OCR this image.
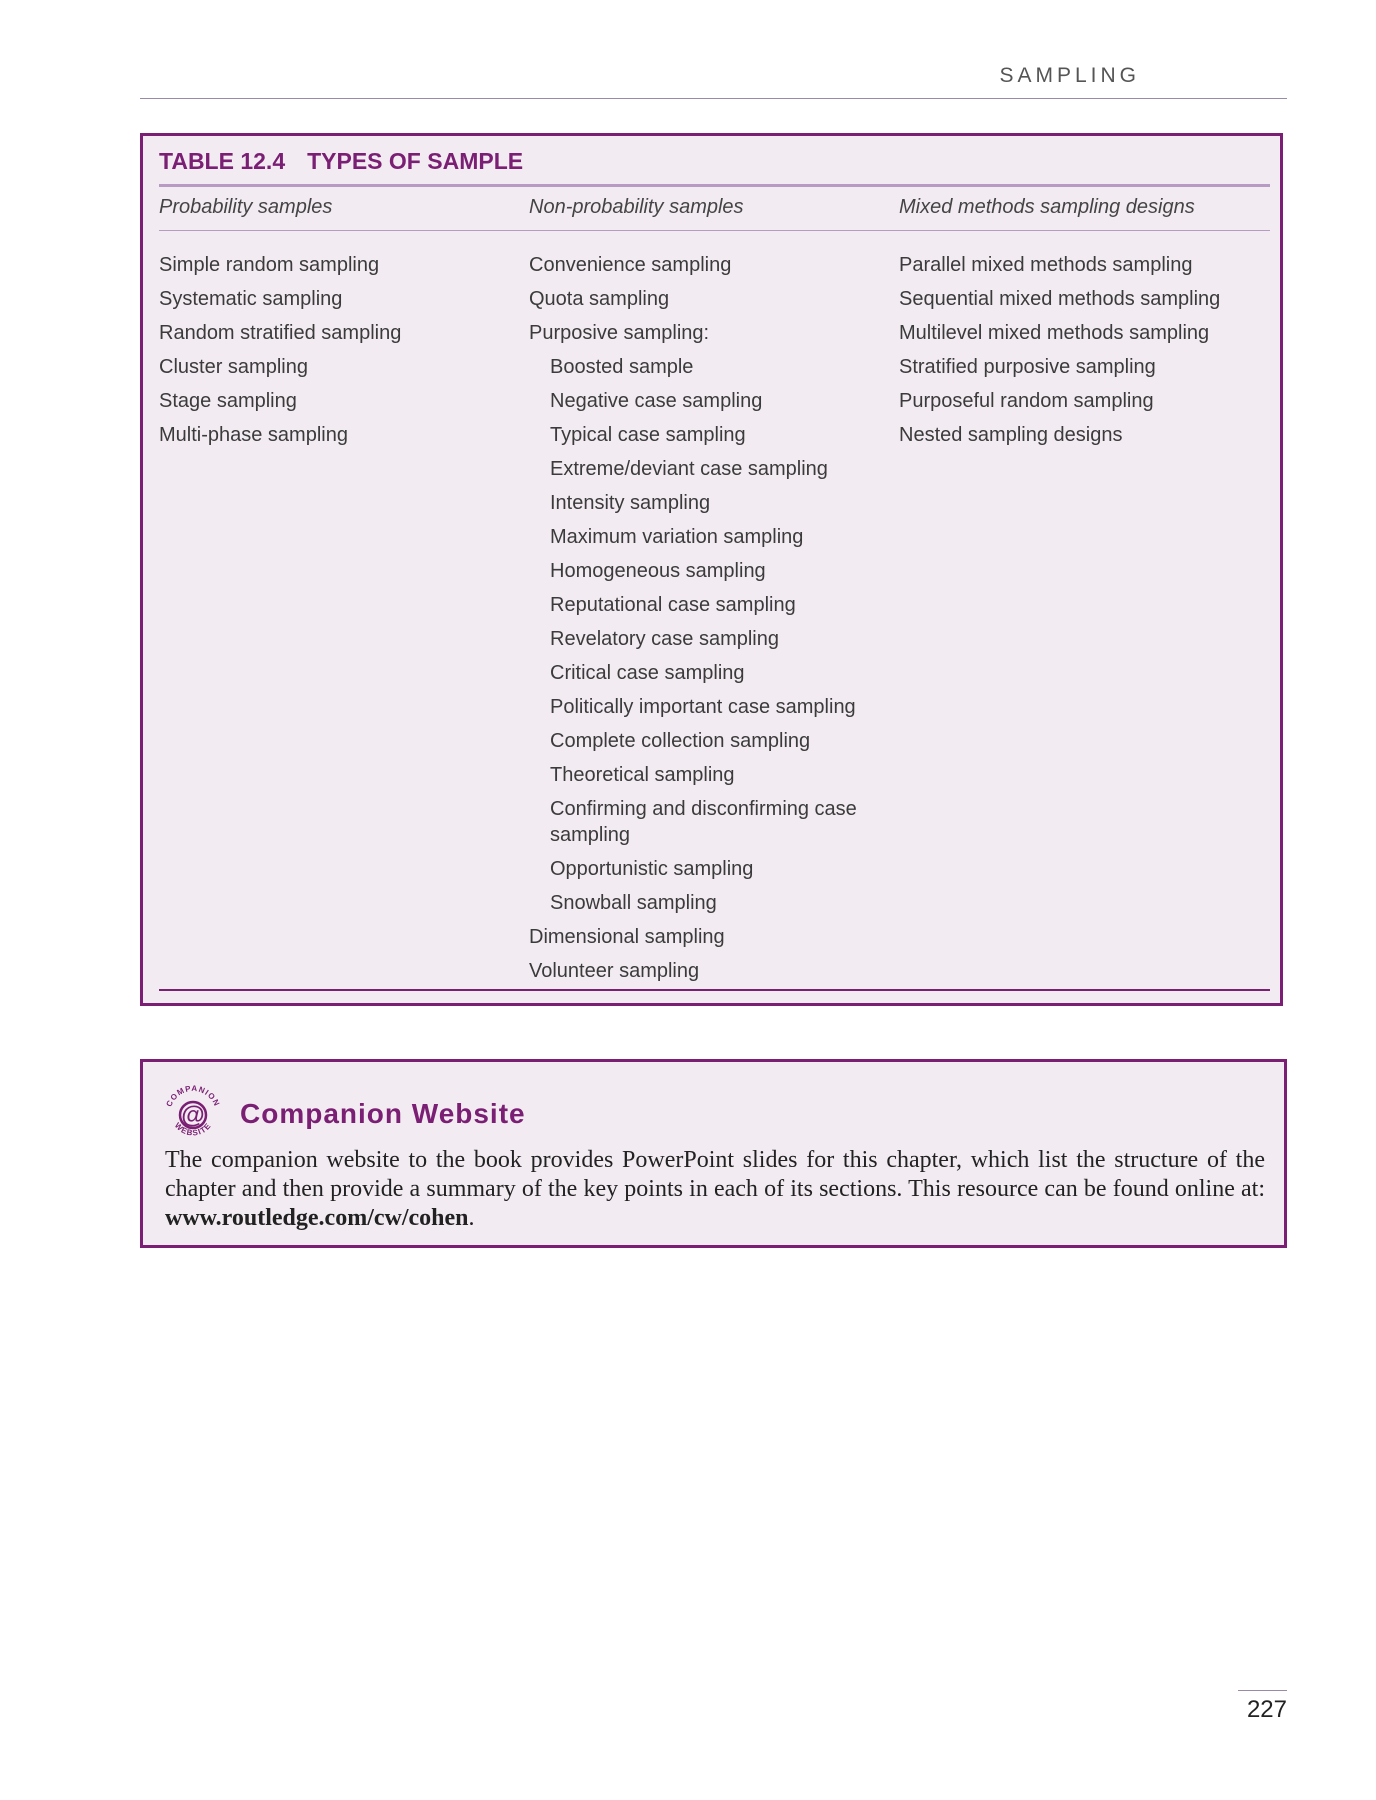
SAMPLING
TABLE 12.4 TYPES OF SAMPLE
Probability samples	Non-probability samples	Mixed methods sampling designs
Simple random sampling
Systematic sampling
Random stratified sampling
Cluster sampling
Stage sampling
Multi-phase sampling
Convenience sampling
Quota sampling
Purposive sampling:
Boosted sample
Negative case sampling
Typical case sampling
Extreme/deviant case sampling
Intensity sampling
Maximum variation sampling
Homogeneous sampling
Reputational case sampling
Revelatory case sampling
Critical case sampling
Politically important case sampling
Complete collection sampling
Theoretical sampling
Confirming and disconfirming case sampling
Opportunistic sampling
Snowball sampling
Dimensional sampling
Volunteer sampling
Parallel mixed methods sampling
Sequential mixed methods sampling
Multilevel mixed methods sampling
Stratified purposive sampling
Purposeful random sampling
Nested sampling designs
@
COMPANION
WEBSITE Companion Website
The companion website to the book provides PowerPoint slides for this chapter, which list the structure of the chapter and then provide a summary of the key points in each of its sections. This resource can be found online at: www.routledge.com/cw/cohen.
227
